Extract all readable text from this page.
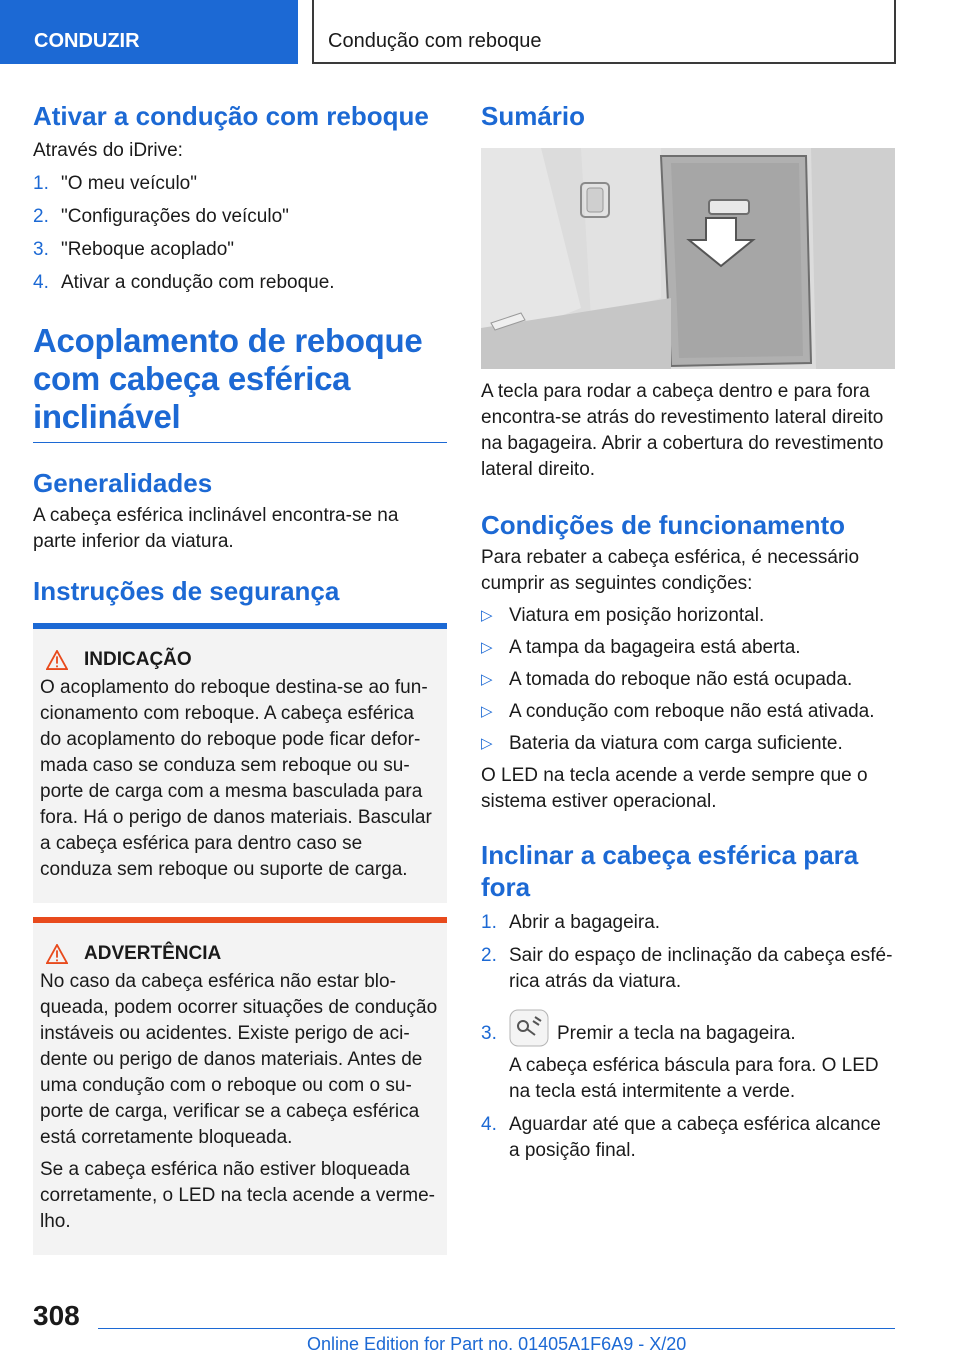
CONDUZIR	Condução com reboque
Ativar a condução com reboque
Através do iDrive:
1. "O meu veículo"
2. "Configurações do veículo"
3. "Reboque acoplado"
4. Ativar a condução com reboque.
Acoplamento de reboque com cabeça esférica inclinável
Generalidades
A cabeça esférica inclinável encontra-se na parte inferior da viatura.
Instruções de segurança
INDICAÇÃO
O acoplamento do reboque destina-se ao funcionamento com reboque. A cabeça esférica do acoplamento do reboque pode ficar deformada caso se conduza sem reboque ou suporte de carga com a mesma basculada para fora. Há o perigo de danos materiais. Bascular a cabeça esférica para dentro caso se conduza sem reboque ou suporte de carga.
ADVERTÊNCIA
No caso da cabeça esférica não estar bloqueada, podem ocorrer situações de condução instáveis ou acidentes. Existe perigo de acidente ou perigo de danos materiais. Antes de uma condução com o reboque ou com o suporte de carga, verificar se a cabeça esférica está corretamente bloqueada.
Se a cabeça esférica não estiver bloqueada corretamente, o LED na tecla acende a vermelho.
Sumário
A tecla para rodar a cabeça dentro e para fora encontra-se atrás do revestimento lateral direito na bagageira. Abrir a cobertura do revestimento lateral direito.
Condições de funcionamento
Para rebater a cabeça esférica, é necessário cumprir as seguintes condições:
▷ Viatura em posição horizontal.
▷ A tampa da bagageira está aberta.
▷ A tomada do reboque não está ocupada.
▷ A condução com reboque não está ativada.
▷ Bateria da viatura com carga suficiente.
O LED na tecla acende a verde sempre que o sistema estiver operacional.
Inclinar a cabeça esférica para fora
1. Abrir a bagageira.
2. Sair do espaço de inclinação da cabeça esférica atrás da viatura.
3.	Premir a tecla na bagageira.
A cabeça esférica báscula para fora. O LED na tecla está intermitente a verde.
4. Aguardar até que a cabeça esférica alcance a posição final.
308
Online Edition for Part no. 01405A1F6A9 - X/20
